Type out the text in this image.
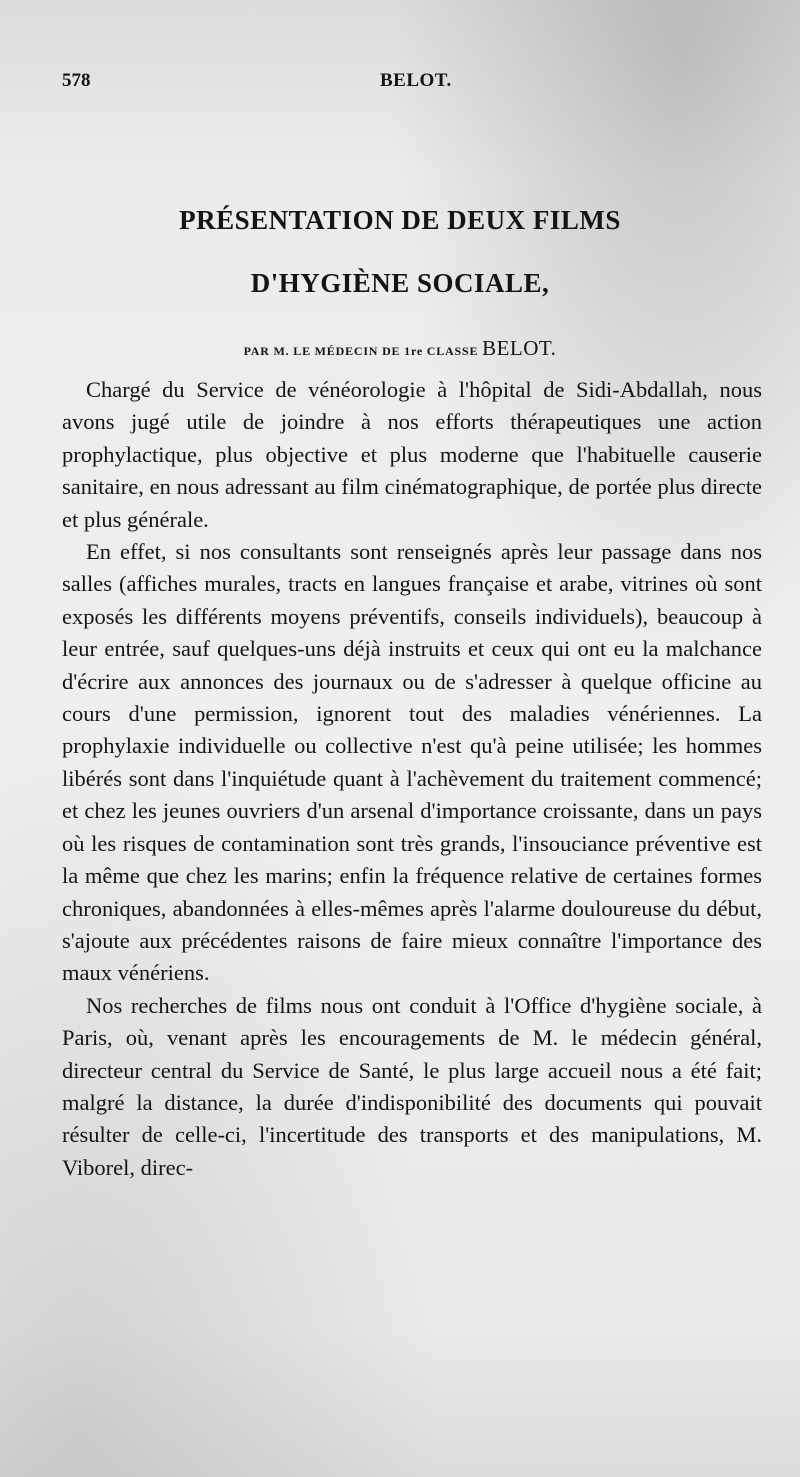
578	BELOT.
PRÉSENTATION DE DEUX FILMS
D'HYGIÈNE SOCIALE,
PAR M. LE MÉDECIN DE 1re CLASSE BELOT.

Chargé du Service de vénéorologie à l'hôpital de Sidi-Abdallah, nous avons jugé utile de joindre à nos efforts thérapeutiques une action prophylactique, plus objective et plus moderne que l'habituelle causerie sanitaire, en nous adressant au film cinématographique, de portée plus directe et plus générale.

En effet, si nos consultants sont renseignés après leur passage dans nos salles (affiches murales, tracts en langues française et arabe, vitrines où sont exposés les différents moyens préventifs, conseils individuels), beaucoup à leur entrée, sauf quelques-uns déjà instruits et ceux qui ont eu la malchance d'écrire aux annonces des journaux ou de s'adresser à quelque officine au cours d'une permission, ignorent tout des maladies vénériennes. La prophylaxie individuelle ou collective n'est qu'à peine utilisée; les hommes libérés sont dans l'inquiétude quant à l'achèvement du traitement commencé; et chez les jeunes ouvriers d'un arsenal d'importance croissante, dans un pays où les risques de contamination sont très grands, l'insouciance préventive est la même que chez les marins; enfin la fréquence relative de certaines formes chroniques, abandonnées à elles-mêmes après l'alarme douloureuse du début, s'ajoute aux précédentes raisons de faire mieux connaître l'importance des maux vénériens.

Nos recherches de films nous ont conduit à l'Office d'hygiène sociale, à Paris, où, venant après les encouragements de M. le médecin général, directeur central du Service de Santé, le plus large accueil nous a été fait; malgré la distance, la durée d'indisponibilité des documents qui pouvait résulter de celle-ci, l'incertitude des transports et des manipulations, M. Viborel, direc-
